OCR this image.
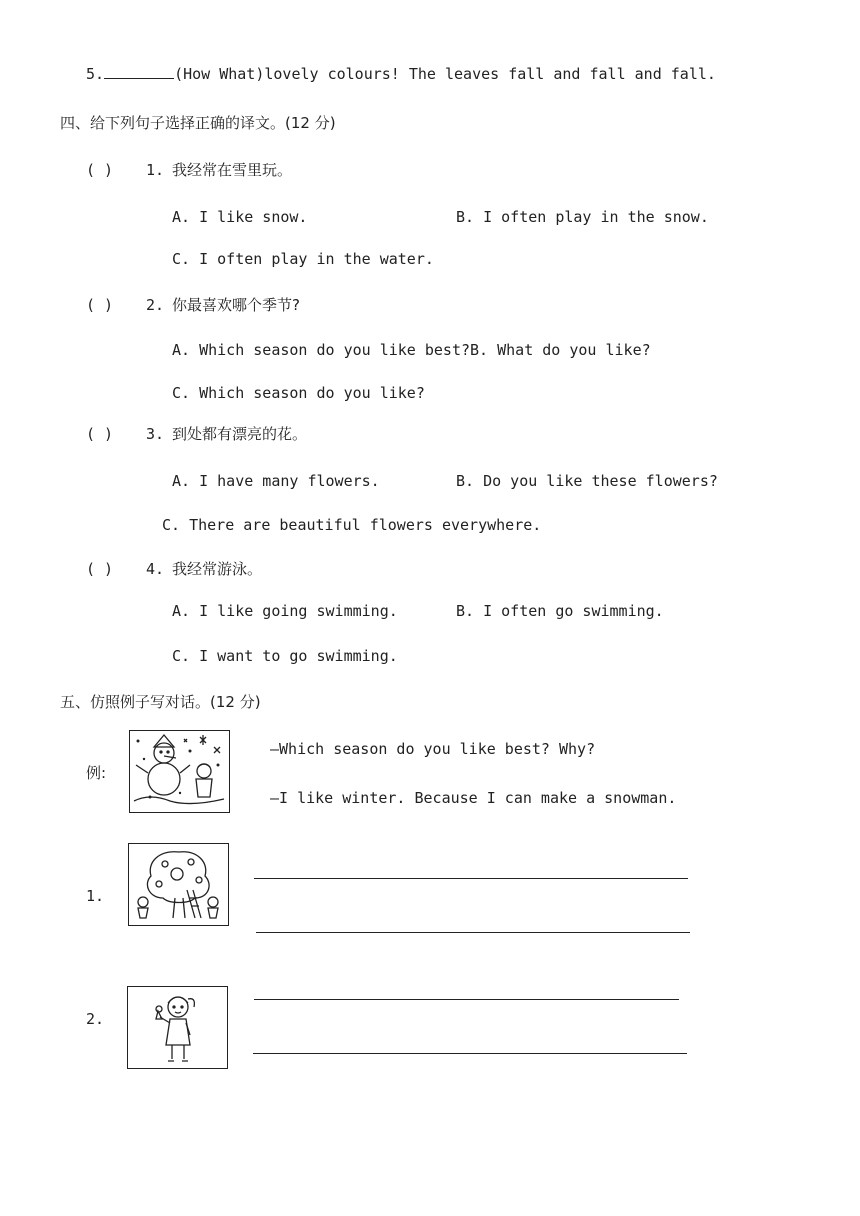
5.	(How What)lovely colours! The leaves fall and fall and fall.
四、给下列句子选择正确的译文。(12 分)
( ) 1. 我经常在雪里玩。
A. I like snow.	B. I often play in the snow.
C. I often play in the water.
( ) 2. 你最喜欢哪个季节?
A. Which season do you like best?B. What do you like?
C. Which season do you like?
( ) 3. 到处都有漂亮的花。
A. I have many flowers.	B. Do you like these flowers?
C. There are beautiful flowers everywhere.
( ) 4. 我经常游泳。
A. I like going swimming.	B. I often go swimming.
C. I want to go swimming.
五、仿照例子写对话。(12 分)
例:
—Which season do you like best? Why?
—I like winter. Because I can make a snowman.
1.
2.
